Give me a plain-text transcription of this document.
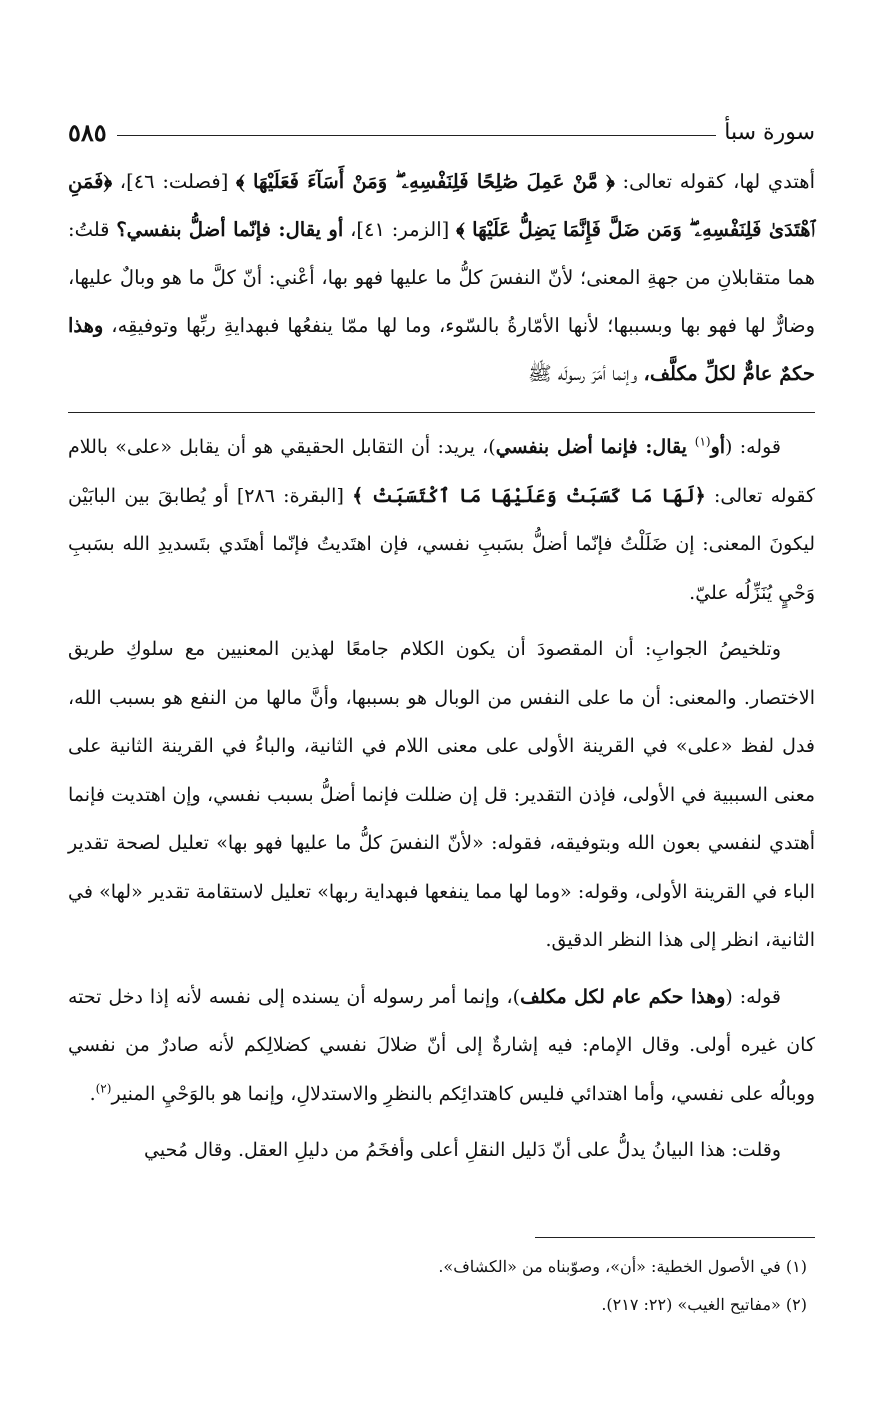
سورة سبأ
٥٨٥

أهتدي لها، كقوله تعالى: ﴿ مَّنْ عَمِلَ صَٰلِحًا فَلِنَفْسِهِۦ ۖ وَمَنْ أَسَآءَ فَعَلَيْهَا ﴾ [فصلت: ٤٦]، ﴿فَمَنِ ٱهْتَدَىٰ فَلِنَفْسِهِۦ ۖ وَمَن ضَلَّ فَإِنَّمَا يَضِلُّ عَلَيْهَا ﴾ [الزمر: ٤١]، أو يقال: فإنّما أضلُّ بنفسي؟ قلتُ: هما متقابلانِ من جهةِ المعنى؛ لأنّ النفسَ كلُّ ما عليها فهو بها، أعْني: أنّ كلَّ ما هو وبالٌ عليها، وضارٌّ لها فهو بها وبسببها؛ لأنها الأمّارةُ بالسّوء، وما لها ممّا ينفعُها فبهدايةِ ربِّها وتوفيقِه، وهذا حكمٌ عامٌّ لكلِّ مكلَّف، وإنما أمَرَ رسولَه ﷺ

قوله: (أو$^{(١)}$ يقال: فإنما أضل بنفسي)، يريد: أن التقابل الحقيقي هو أن يقابل «على» باللام كقوله تعالى: ﴿لَهَا مَا كَسَبَتْ وَعَلَيْهَا مَا ٱكْتَسَبَتْ ﴾ [البقرة: ٢٨٦] أو يُطابقَ بين البابَيْن ليكونَ المعنى: إن ضَلَلْتُ فإنّما أضلُّ بسَببِ نفسي، فإن اهتَديتُ فإنّما أهتَدي بتَسديدِ الله بسَببِ وَحْيٍ يُنَزِّلُه عليّ.

وتلخيصُ الجوابِ: أن المقصودَ أن يكون الكلام جامعًا لهذين المعنيين مع سلوكِ طريق الاختصار. والمعنى: أن ما على النفس من الوبال هو بسببها، وأنَّ مالها من النفع هو بسبب الله، فدل لفظ «على» في القرينة الأولى على معنى اللام في الثانية، والباءُ في القرينة الثانية على معنى السببية في الأولى، فإذن التقدير: قل إن ضللت فإنما أضلُّ بسبب نفسي، وإن اهتديت فإنما أهتدي لنفسي بعون الله وبتوفيقه، فقوله: «لأنّ النفسَ كلُّ ما عليها فهو بها» تعليل لصحة تقدير الباء في القرينة الأولى، وقوله: «وما لها مما ينفعها فبهداية ربها» تعليل لاستقامة تقدير «لها» في الثانية، انظر إلى هذا النظر الدقيق.

قوله: (وهذا حكم عام لكل مكلف)، وإنما أمر رسوله أن يسنده إلى نفسه لأنه إذا دخل تحته كان غيره أولى. وقال الإمام: فيه إشارةٌ إلى أنّ ضلالَ نفسي كضلالِكم لأنه صادرٌ من نفسي ووبالُه على نفسي، وأما اهتدائي فليس كاهتدائِكم بالنظرِ والاستدلالِ، وإنما هو بالوَحْيِ المنير$^{(٢)}$.

وقلت: هذا البيانُ يدلُّ على أنّ دَليل النقلِ أعلى وأفخَمُ من دليلِ العقل. وقال مُحيي

(١) في الأصول الخطية: «أن»، وصوّبناه من «الكشاف».

(٢) «مفاتيح الغيب» (٢٢: ٢١٧).
